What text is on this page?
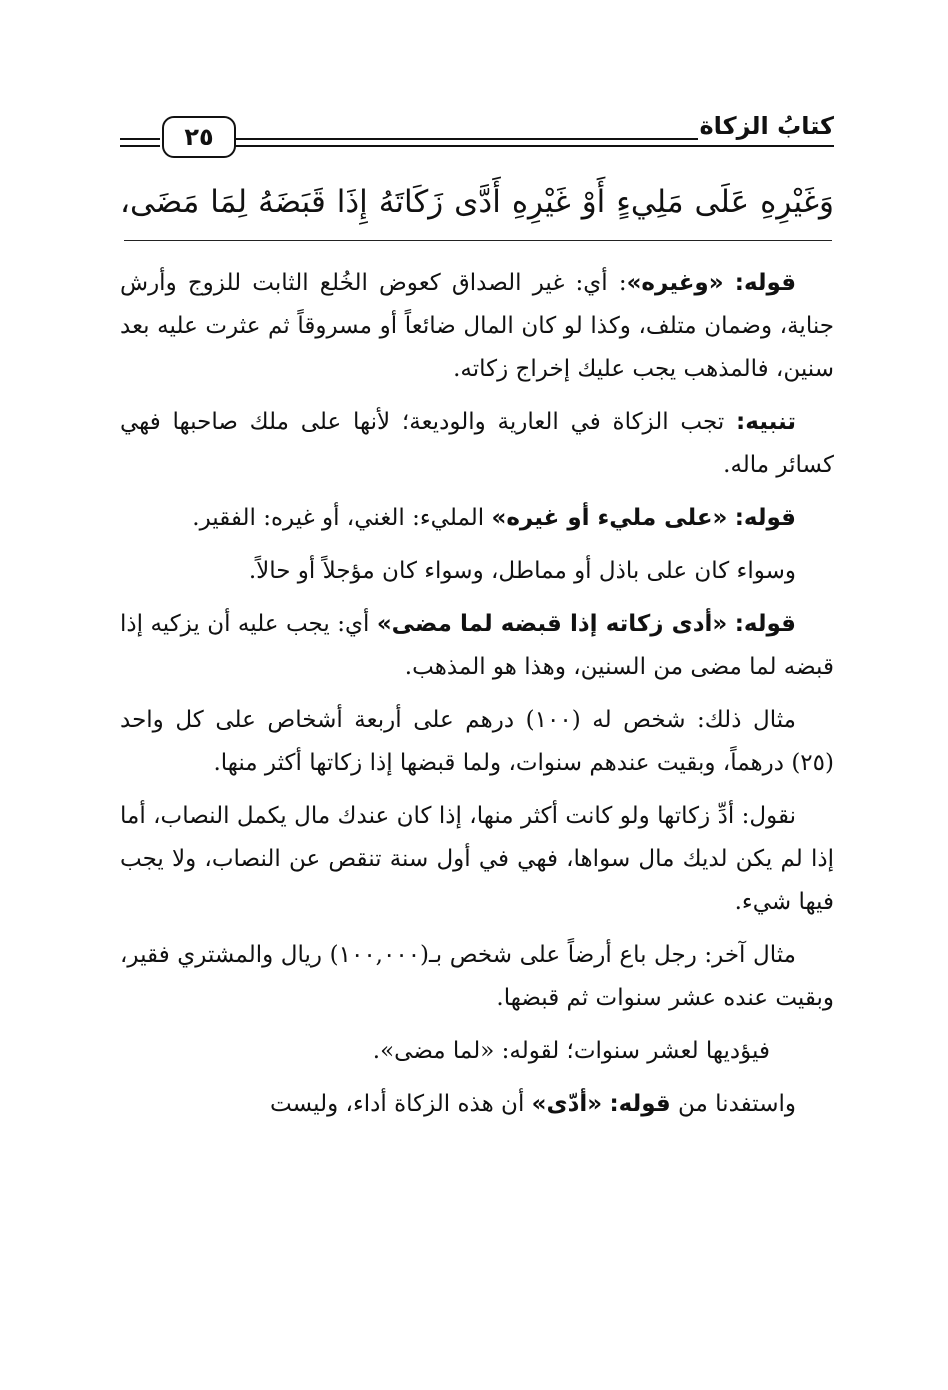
كتابُ الزكاة
٢٥
وَغَيْرِهِ عَلَى مَلِيءٍ أَوْ غَيْرِهِ أَدَّى زَكَاتَهُ إِذَا قَبَضَهُ لِمَا مَضَى،

قوله: «وغيره»: أي: غير الصداق كعوض الخُلع الثابت للزوج وأرش جناية، وضمان متلف، وكذا لو كان المال ضائعاً أو مسروقاً ثم عثرت عليه بعد سنين، فالمذهب يجب عليك إخراج زكاته.

تنبيه: تجب الزكاة في العارية والوديعة؛ لأنها على ملك صاحبها فهي كسائر ماله.

قوله: «على مليء أو غيره» المليء: الغني، أو غيره: الفقير.

وسواء كان على باذل أو مماطل، وسواء كان مؤجلاً أو حالاً.

قوله: «أدى زكاته إذا قبضه لما مضى» أي: يجب عليه أن يزكيه إذا قبضه لما مضى من السنين، وهذا هو المذهب.

مثال ذلك: شخص له (١٠٠) درهم على أربعة أشخاص على كل واحد (٢٥) درهماً، وبقيت عندهم سنوات، ولما قبضها إذا زكاتها أكثر منها.

نقول: أدِّ زكاتها ولو كانت أكثر منها، إذا كان عندك مال يكمل النصاب، أما إذا لم يكن لديك مال سواها، فهي في أول سنة تنقص عن النصاب، ولا يجب فيها شيء.

مثال آخر: رجل باع أرضاً على شخص بـ(١٠٠,٠٠٠) ريال والمشتري فقير، وبقيت عنده عشر سنوات ثم قبضها.

فيؤديها لعشر سنوات؛ لقوله: «لما مضى».

واستفدنا من قوله: «أدّى» أن هذه الزكاة أداء، وليست
